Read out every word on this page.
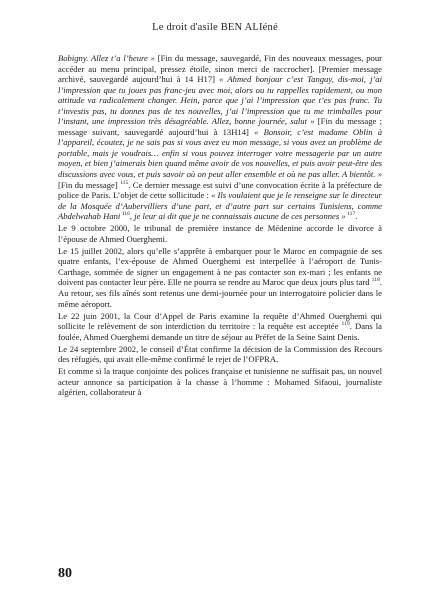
Le droit d'asile BEN ALIéné

Bobigny. Allez t’a l’heure » [Fin du message, sauvegardé, Fin des nouveaux messages, pour accéder au menu principal, pressez étoile, sinon merci de raccrocher]. [Premier message archivé, sauvegardé aujourd’hui à 14 H17] « Ahmed bonjour c’est Tanguy, dis-moi, j’ai l’impression que tu joues pas franc-jeu avec moi, alors ou tu rappelles rapidement, ou mon attitude va radicalement changer. Hein, parce que j’ai l’impression que t’es pas franc. Tu t’investis pas, tu donnes pas de tes nouvelles, j’ai l’impression que tu me trimballes pour l’instant, une impression très désagréable. Allez, bonne journée, salut » [Fin du message ; message suivant, sauvegardé aujourd’hui à 13H14] « Bonsoir, c’est madame Oblin à l’appareil, écoutez, je ne sais pas si vous avez eu mon message, si vous avez un problème de portable, mais je voudrais… enfin si vous pouvez interroger votre messagerie par un autre moyen, et bien j’aimerais bien quand même avoir de vos nouvelles, et puis avoir peut-être des discussions avec vous, et puis savoir où on peut aller ensemble et où ne pas aller. A bientôt. » [Fin du message] $^{115}$. Ce dernier message est suivi d’une convocation écrite à la préfecture de police de Paris. L’objet de cette sollicitude : « Ils voulaient que je le renseigne sur le directeur de la Mosquée d’Aubervilliers d’une part, et d’autre part sur certains Tunisiens, comme Abdelwahab Hani $^{116}$, je leur ai dit que je ne connaissais aucune de ces personnes » $^{117}$.

Le 9 octobre 2000, le tribunal de première instance de Médenine accorde le divorce à l’épouse de Ahmed Ouerghemi.

Le 15 juillet 2002, alors qu’elle s’apprête à embarquer pour le Maroc en compagnie de ses quatre enfants, l’ex-épouse de Ahmed Ouerghemi est interpellée à l’aéroport de Tunis-Carthage, sommée de signer un engagement à ne pas contacter son ex-mari ; les enfants ne doivent pas contacter leur père. Elle ne pourra se rendre au Maroc que deux jours plus tard $^{118}$. Au retour, ses fils aînés sont retenus une demi-journée pour un interrogatoire policier dans le même aéroport.

Le 22 juin 2001, la Cour d’Appel de Paris examine la requête d’Ahmed Ouerghemi qui sollicite le relèvement de son interdiction du territoire : la requête est acceptée $^{119}$. Dans la foulée, Ahmed Ouerghemi demande un titre de séjour au Préfet de la Seine Saint Denis.

Le 24 septembre 2002, le conseil d’État confirme la décision de la Commission des Recours des réfugiés, qui avait elle-même confirmé le rejet de l’OFPRA.

Et comme si la traque conjointe des polices française et tunisienne ne suffisait pas, un nouvel acteur annonce sa participation à la chasse à l’homme : Mohamed Sifaoui, journaliste algérien, collaborateur à

80
